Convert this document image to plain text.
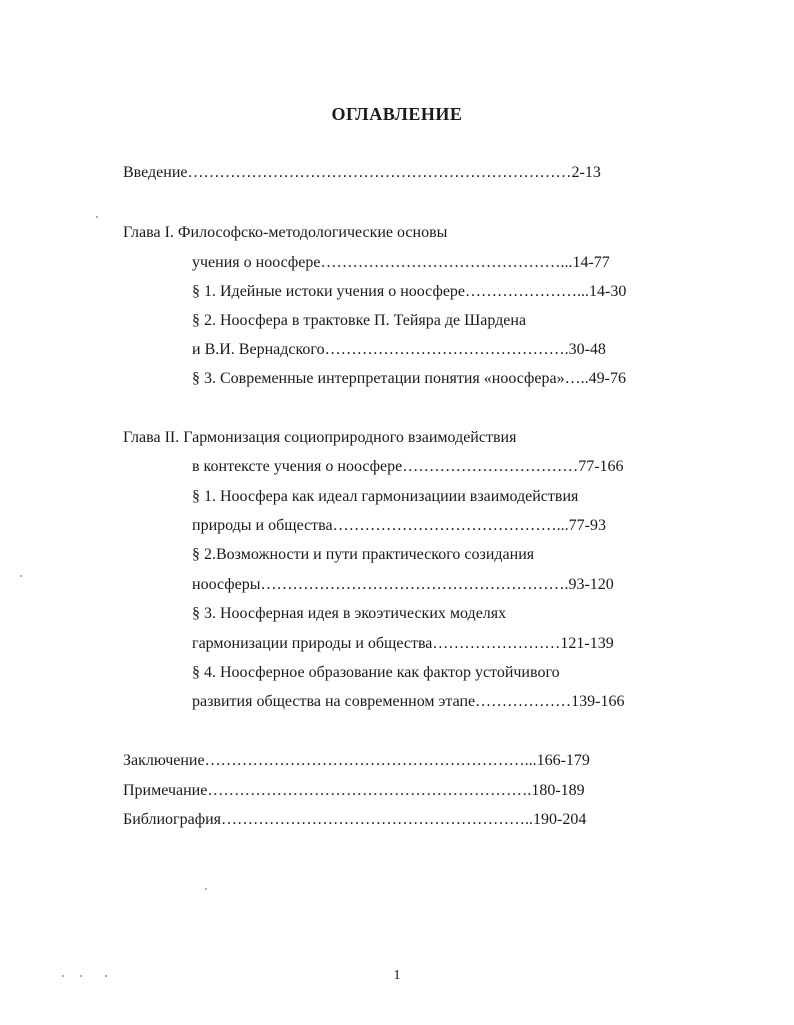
ОГЛАВЛЕНИЕ
Введение………………………………………………………………2-13
Глава I. Философско-методологические основы
учения о ноосфере………………………………………...14-77
§ 1. Идейные истоки учения о ноосфере…………………...14-30
§ 2. Ноосфера в трактовке П. Тейяра де Шардена
и В.И. Вернадского……………………………………….30-48
§ 3. Современные интерпретации понятия «ноосфера»…..49-76
Глава II. Гармонизация социоприродного взаимодействия
в контексте учения о ноосфере……………………………77-166
§ 1. Ноосфера как идеал гармонизациии взаимодействия
природы и общества……………………………………...77-93
§ 2.Возможности и пути практического созидания
ноосферы………………………………………………….93-120
§ 3. Ноосферная идея в экоэтических моделях
гармонизации природы и общества……………………121-139
§ 4. Ноосферное образование как фактор устойчивого
развития общества на современном этапе………………139-166
Заключение……………………………………………………...166-179
Примечание…………………………………………………….180-189
Библиография…………………………………………………..190-204
1
